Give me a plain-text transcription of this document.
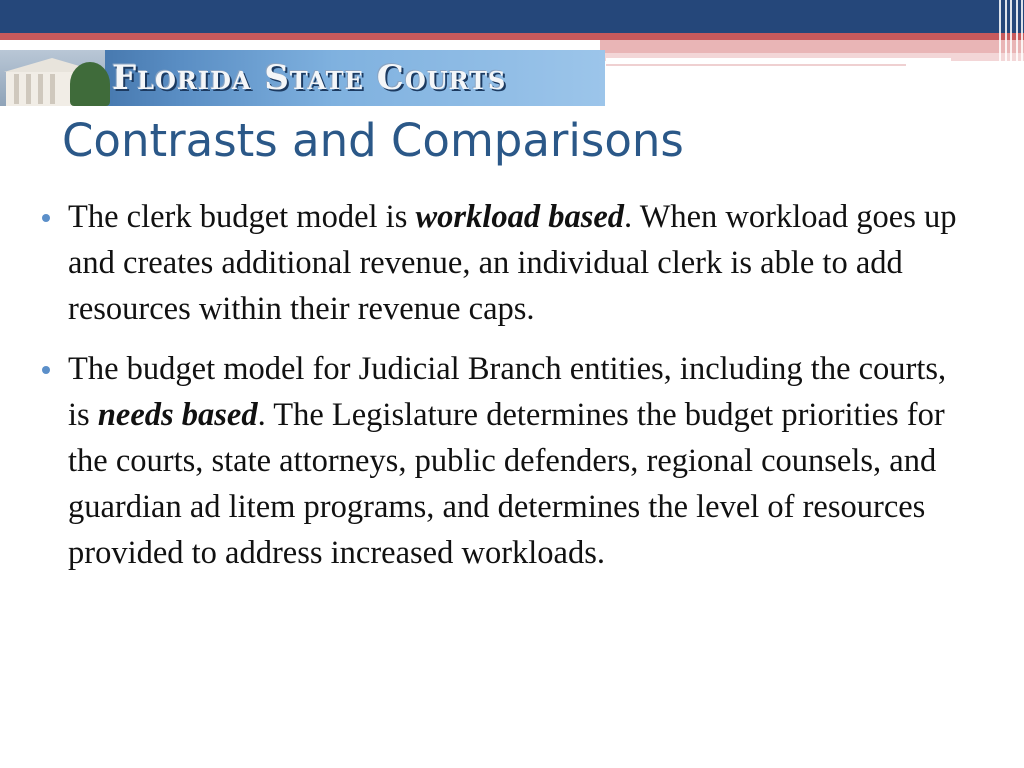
Florida State Courts
Contrasts and Comparisons
The clerk budget model is workload based. When workload goes up and creates additional revenue, an individual clerk is able to add resources within their revenue caps.
The budget model for Judicial Branch entities, including the courts, is needs based. The Legislature determines the budget priorities for the courts, state attorneys, public defenders, regional counsels, and guardian ad litem programs, and determines the level of resources provided to address increased workloads.
